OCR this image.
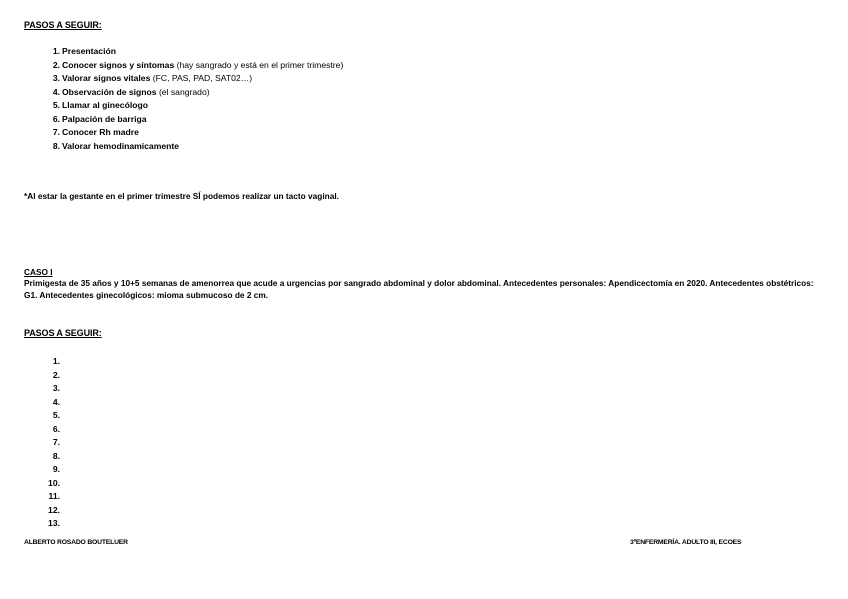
PASOS A SEGUIR:
1. Presentación
2. Conocer signos y síntomas (hay sangrado y está en el primer trimestre)
3. Valorar signos vitales (FC, PAS, PAD, SAT02…)
4. Observación de signos (el sangrado)
5. Llamar al ginecólogo
6. Palpación de barriga
7. Conocer Rh madre
8. Valorar hemodinamicamente
*Al estar la gestante en el primer trimestre SÍ podemos realizar un tacto vaginal.
CASO I
Primigesta de 35 años y 10+5 semanas de amenorrea que acude a urgencias por sangrado abdominal y dolor abdominal. Antecedentes personales: Apendicectomía en 2020. Antecedentes obstétricos: G1. Antecedentes ginecológicos: mioma submucoso de 2 cm.
PASOS A SEGUIR:
1.
2.
3.
4.
5.
6.
7.
8.
9.
10.
11.
12.
13.
ALBERTO ROSADO BOUTELUER	3ºENFERMERÍA. ADULTO III, ECOES
